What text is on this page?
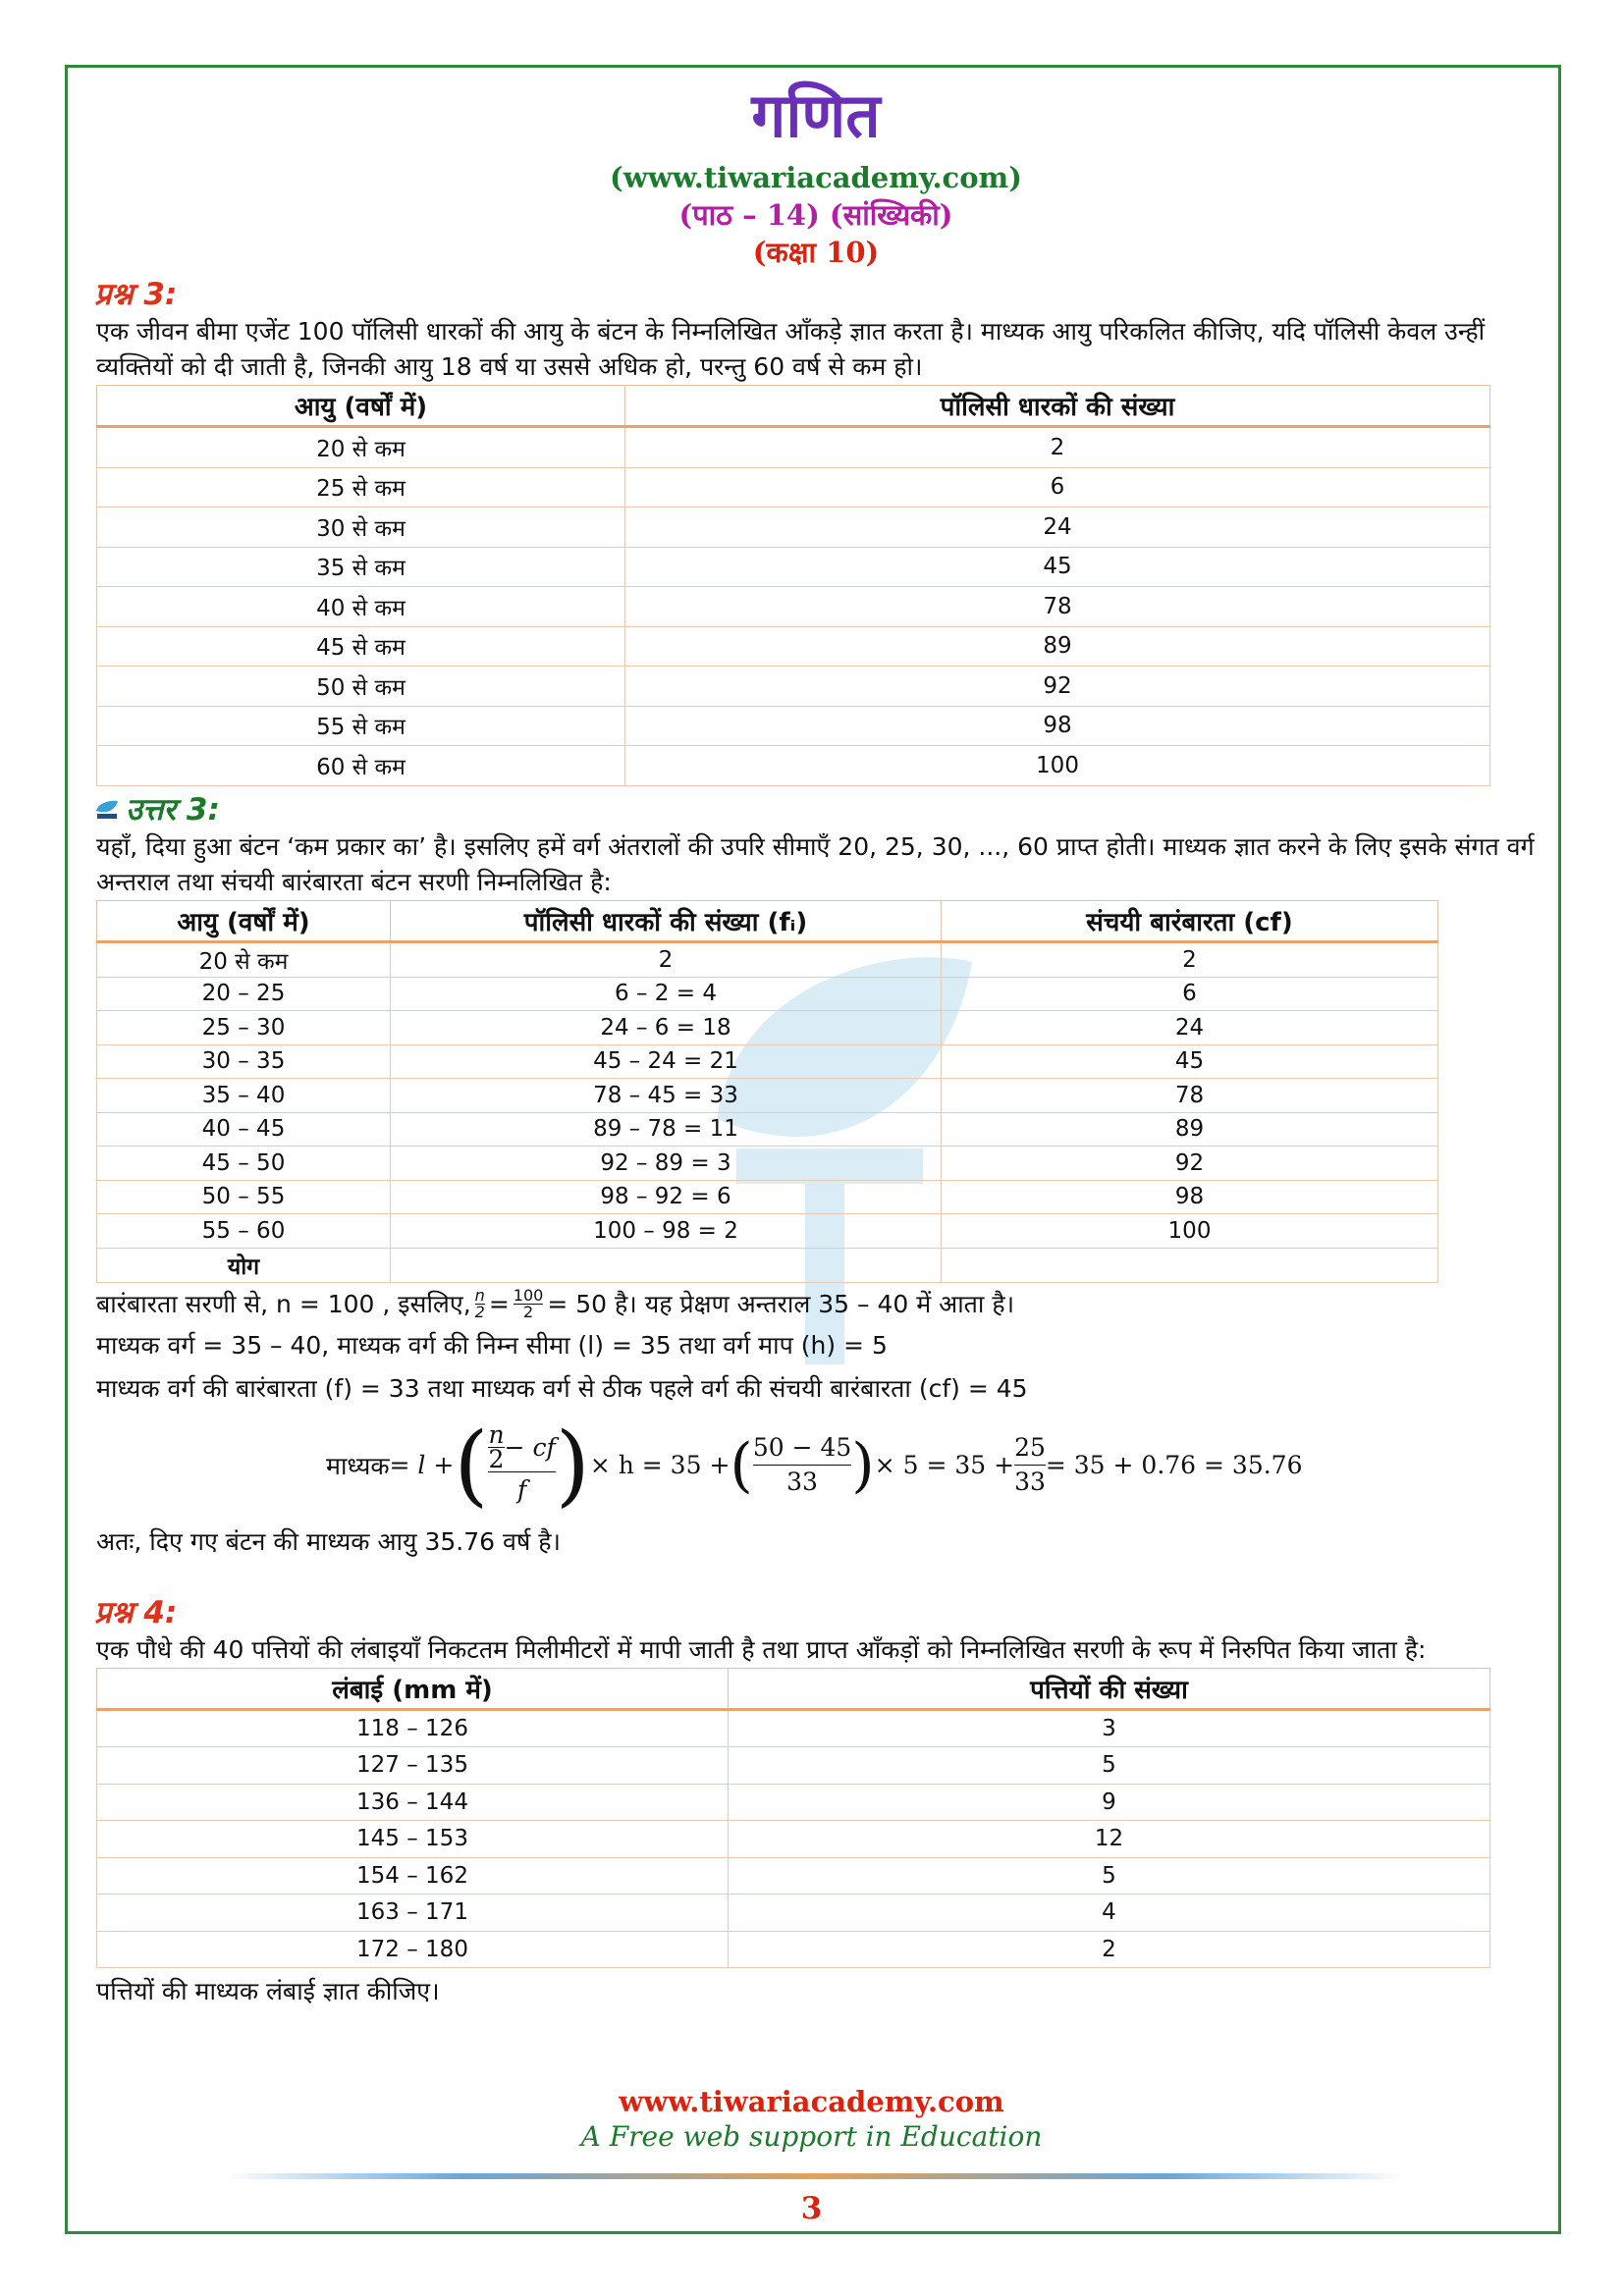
गणित
(www.tiwariacademy.com)
(पाठ – 14) (सांख्यिकी)
(कक्षा 10)
प्रश्न 3:
एक जीवन बीमा एजेंट 100 पॉलिसी धारकों की आयु के बंटन के निम्नलिखित आँकड़े ज्ञात करता है। माध्यक आयु परिकलित कीजिए, यदि पॉलिसी केवल उन्हीं व्यक्तियों को दी जाती है, जिनकी आयु 18 वर्ष या उससे अधिक हो, परन्तु 60 वर्ष से कम हो।
आयु (वर्षों में)	पॉलिसी धारकों की संख्या
20 से कम	2
25 से कम	6
30 से कम	24
35 से कम	45
40 से कम	78
45 से कम	89
50 से कम	92
55 से कम	98
60 से कम	100
उत्तर 3:
यहाँ, दिया हुआ बंटन ‘कम प्रकार का’ है। इसलिए हमें वर्ग अंतरालों की उपरि सीमाएँ 20, 25, 30, ..., 60 प्राप्त होती। माध्यक ज्ञात करने के लिए इसके संगत वर्ग अन्तराल तथा संचयी बारंबारता बंटन सरणी निम्नलिखित है:
आयु (वर्षों में)	पॉलिसी धारकों की संख्या (fᵢ)	संचयी बारंबारता (cf)
20 से कम	2	2
20 – 25	6 – 2 = 4	6
25 – 30	24 – 6 = 18	24
30 – 35	45 – 24 = 21	45
35 – 40	78 – 45 = 33	78
40 – 45	89 – 78 = 11	89
45 – 50	92 – 89 = 3	92
50 – 55	98 – 92 = 6	98
55 – 60	100 – 98 = 2	100
योग		
बारंबारता सरणी से, n = 100 , इसलिए, $\frac{n}{2} = \frac{100}{2} = 50$ है। यह प्रेक्षण अन्तराल 35 – 40 में आता है।
माध्यक वर्ग = 35 – 40, माध्यक वर्ग की निम्न सीमा (l) = 35 तथा वर्ग माप (h) = 5
माध्यक वर्ग की बारंबारता (f) = 33 तथा माध्यक वर्ग से ठीक पहले वर्ग की संचयी बारंबारता (cf) = 45
माध्यक = l + ( $\frac{\frac{n}{2} - cf}{f}$ ) × h = 35 + ( $\frac{50 - 45}{33}$ ) × $5 = 35 + \frac{25}{33} = 35 + 0.76 = 35.76$
अतः, दिए गए बंटन की माध्यक आयु 35.76 वर्ष है।
प्रश्न 4:
एक पौधे की 40 पत्तियों की लंबाइयाँ निकटतम मिलीमीटरों में मापी जाती है तथा प्राप्त आँकड़ों को निम्नलिखित सरणी के रूप में निरुपित किया जाता है:
लंबाई (mm में)	पत्तियों की संख्या
118 – 126	3
127 – 135	5
136 – 144	9
145 – 153	12
154 – 162	5
163 – 171	4
172 – 180	2
पत्तियों की माध्यक लंबाई ज्ञात कीजिए।
www.tiwariacademy.com
A Free web support in Education
3
